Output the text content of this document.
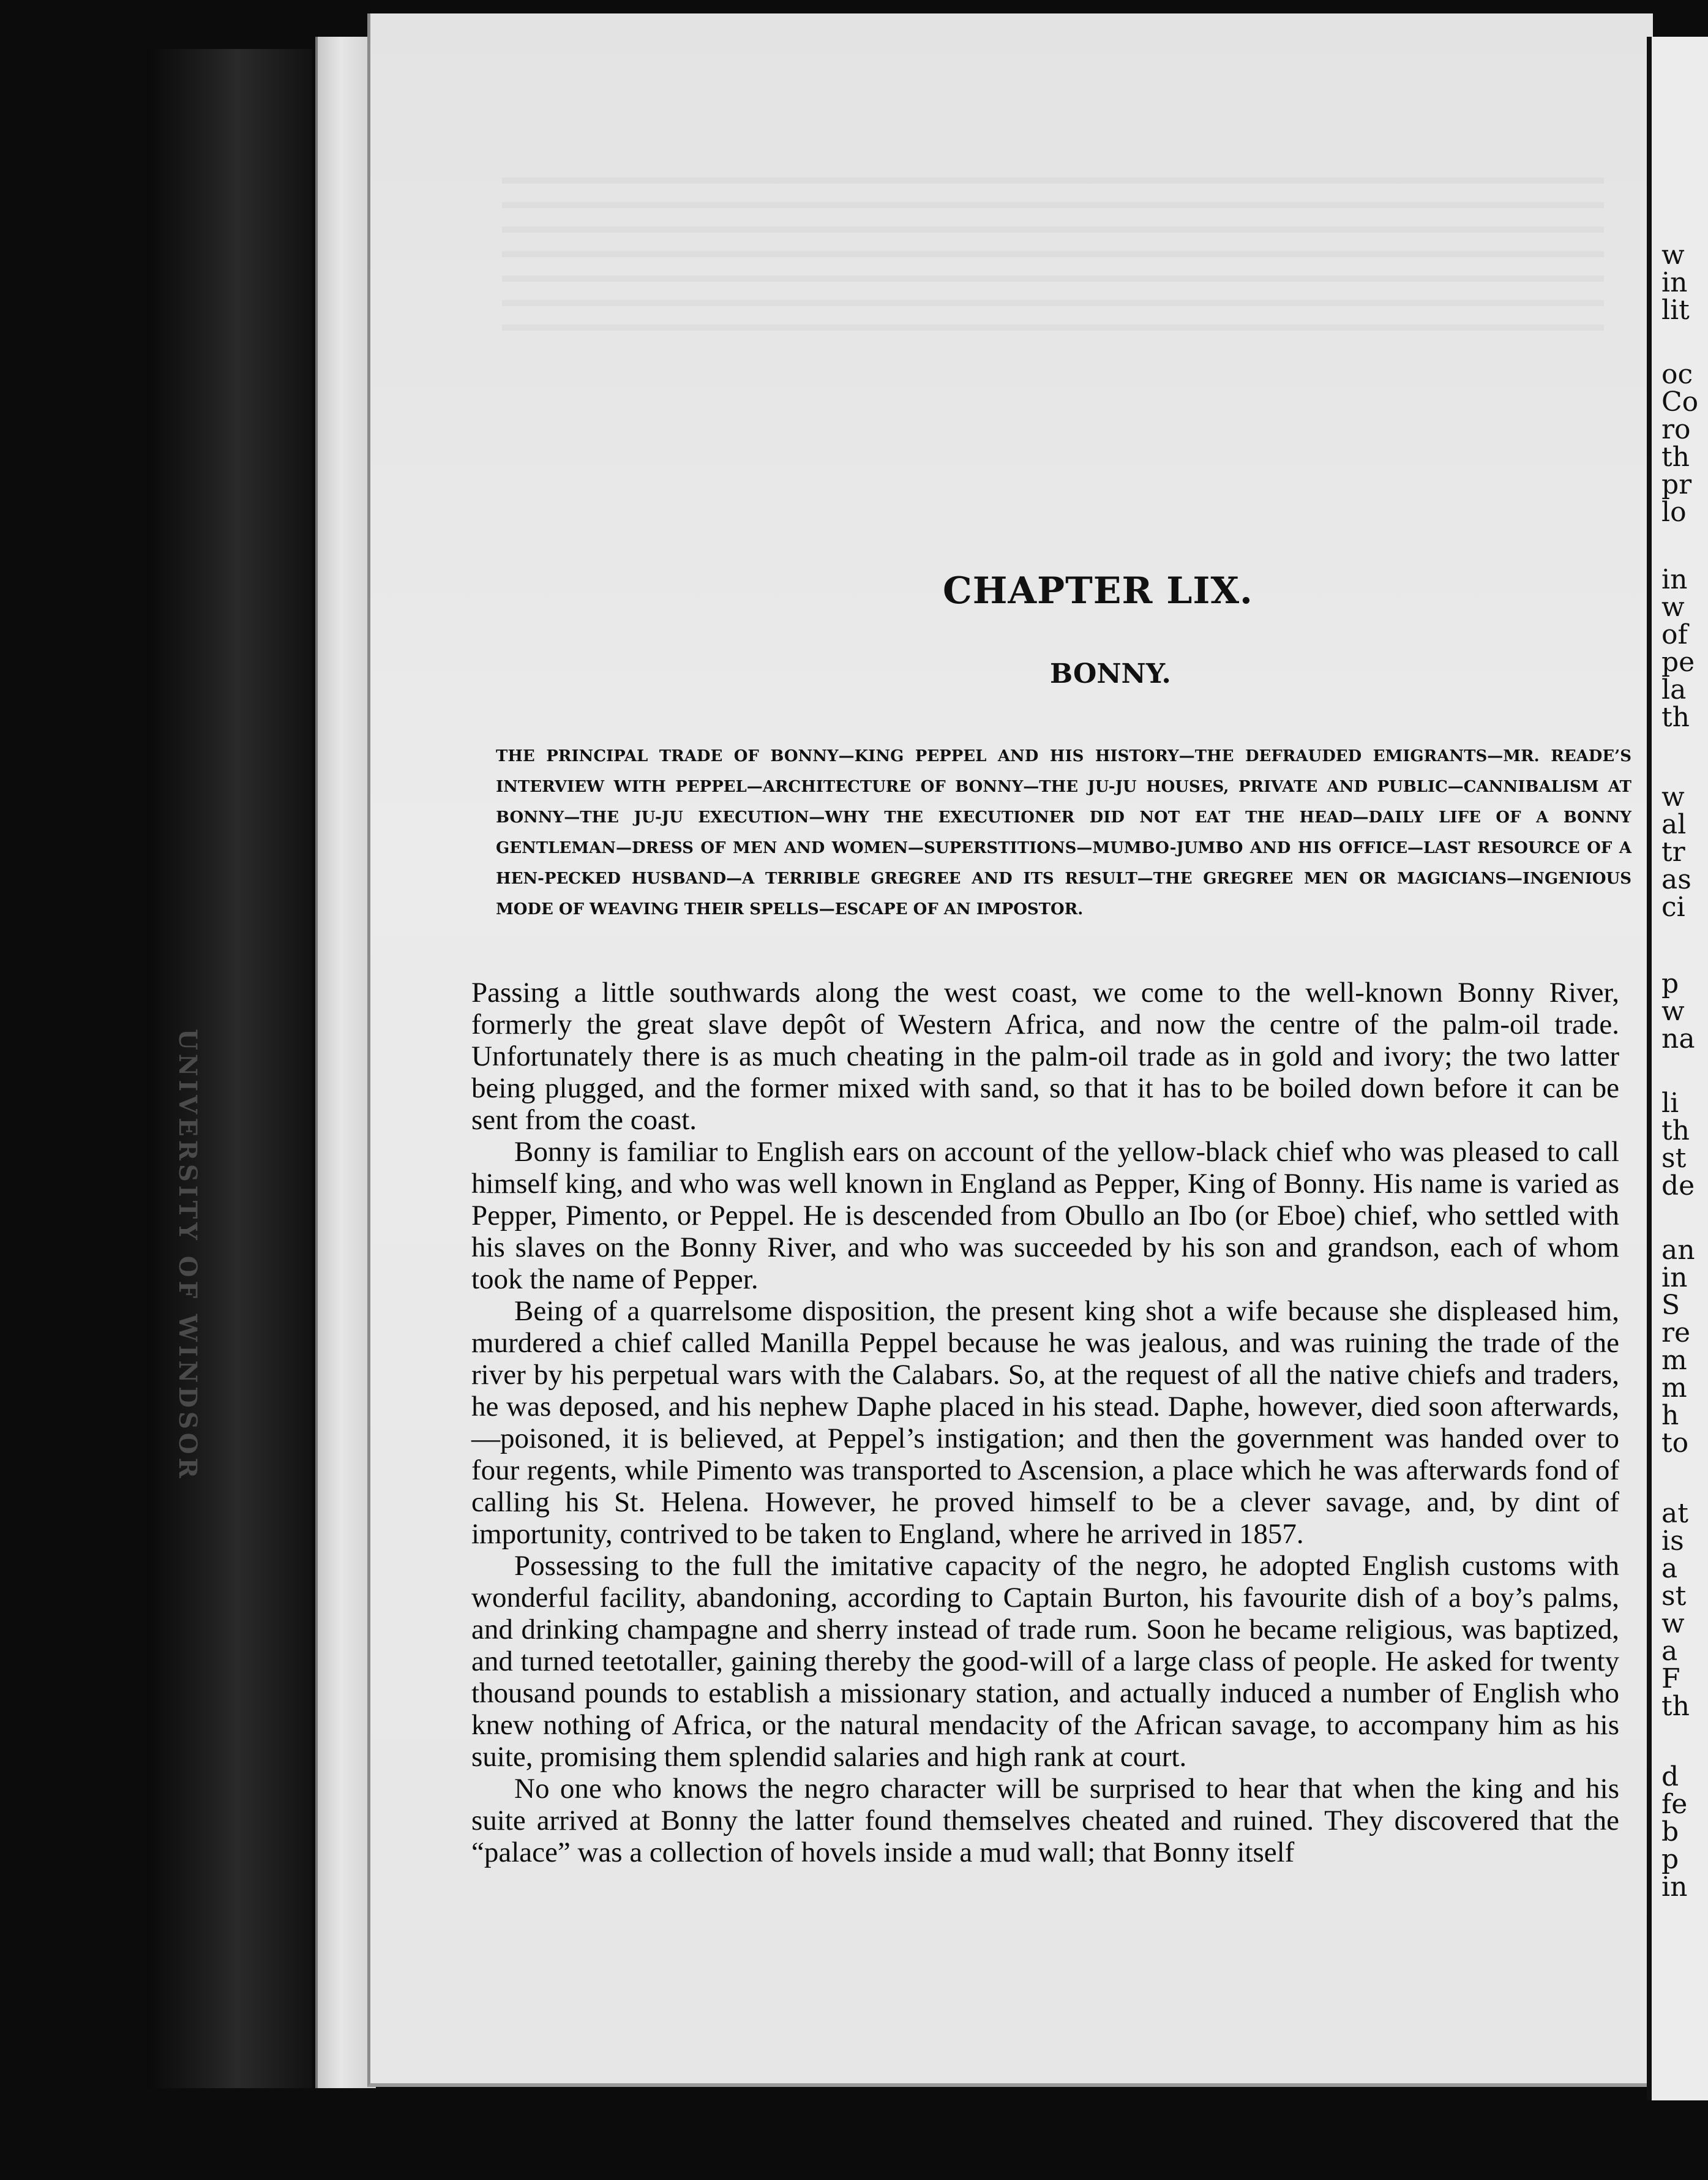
UNIVERSITY OF WINDSOR
CHAPTER LIX.
BONNY.
THE PRINCIPAL TRADE OF BONNY—KING PEPPEL AND HIS HISTORY—THE DEFRAUDED EMIGRANTS—MR. READE’S INTERVIEW WITH PEPPEL—ARCHITECTURE OF BONNY—THE JU-JU HOUSES, PRIVATE AND PUBLIC—CANNIBALISM AT BONNY—THE JU-JU EXECUTION—WHY THE EXECUTIONER DID NOT EAT THE HEAD—DAILY LIFE OF A BONNY GENTLEMAN—DRESS OF MEN AND WOMEN—SUPERSTITIONS—MUMBO-JUMBO AND HIS OFFICE—LAST RESOURCE OF A HEN-PECKED HUSBAND—A TERRIBLE GREGREE AND ITS RESULT—THE GREGREE MEN OR MAGICIANS—INGENIOUS MODE OF WEAVING THEIR SPELLS—ESCAPE OF AN IMPOSTOR.

Passing a little southwards along the west coast, we come to the well-known Bonny River, formerly the great slave depôt of Western Africa, and now the centre of the palm-oil trade. Unfortunately there is as much cheating in the palm-oil trade as in gold and ivory; the two latter being plugged, and the former mixed with sand, so that it has to be boiled down before it can be sent from the coast.

Bonny is familiar to English ears on account of the yellow-black chief who was pleased to call himself king, and who was well known in England as Pepper, King of Bonny. His name is varied as Pepper, Pimento, or Peppel. He is descended from Obullo an Ibo (or Eboe) chief, who settled with his slaves on the Bonny River, and who was succeeded by his son and grandson, each of whom took the name of Pepper.

Being of a quarrelsome disposition, the present king shot a wife because she displeased him, murdered a chief called Manilla Peppel because he was jealous, and was ruining the trade of the river by his perpetual wars with the Calabars. So, at the request of all the native chiefs and traders, he was deposed, and his nephew Daphe placed in his stead. Daphe, however, died soon afterwards,—poisoned, it is believed, at Peppel’s instigation; and then the government was handed over to four regents, while Pimento was transported to Ascension, a place which he was afterwards fond of calling his St. Helena. However, he proved himself to be a clever savage, and, by dint of importunity, contrived to be taken to England, where he arrived in 1857.

Possessing to the full the imitative capacity of the negro, he adopted English customs with wonderful facility, abandoning, according to Captain Burton, his favourite dish of a boy’s palms, and drinking champagne and sherry instead of trade rum. Soon he became religious, was baptized, and turned teetotaller, gaining thereby the good-will of a large class of people. He asked for twenty thousand pounds to establish a missionary station, and actually induced a number of English who knew nothing of Africa, or the natural mendacity of the African savage, to accompany him as his suite, promising them splendid salaries and high rank at court.

No one who knows the negro character will be surprised to hear that when the king and his suite arrived at Bonny the latter found themselves cheated and ruined. They discovered that the “palace” was a collection of hovels inside a mud wall; that Bonny itself

w
in
lit
oc
Co
ro
th
pr
lo
in
w
of
pe
la
th
w
al
tr
as
ci
p
w
na
li
th
st
de
an
in
S
re
m
m
h
to
at
is
a
st
w
a
F
th
d
fe
b
p
in
